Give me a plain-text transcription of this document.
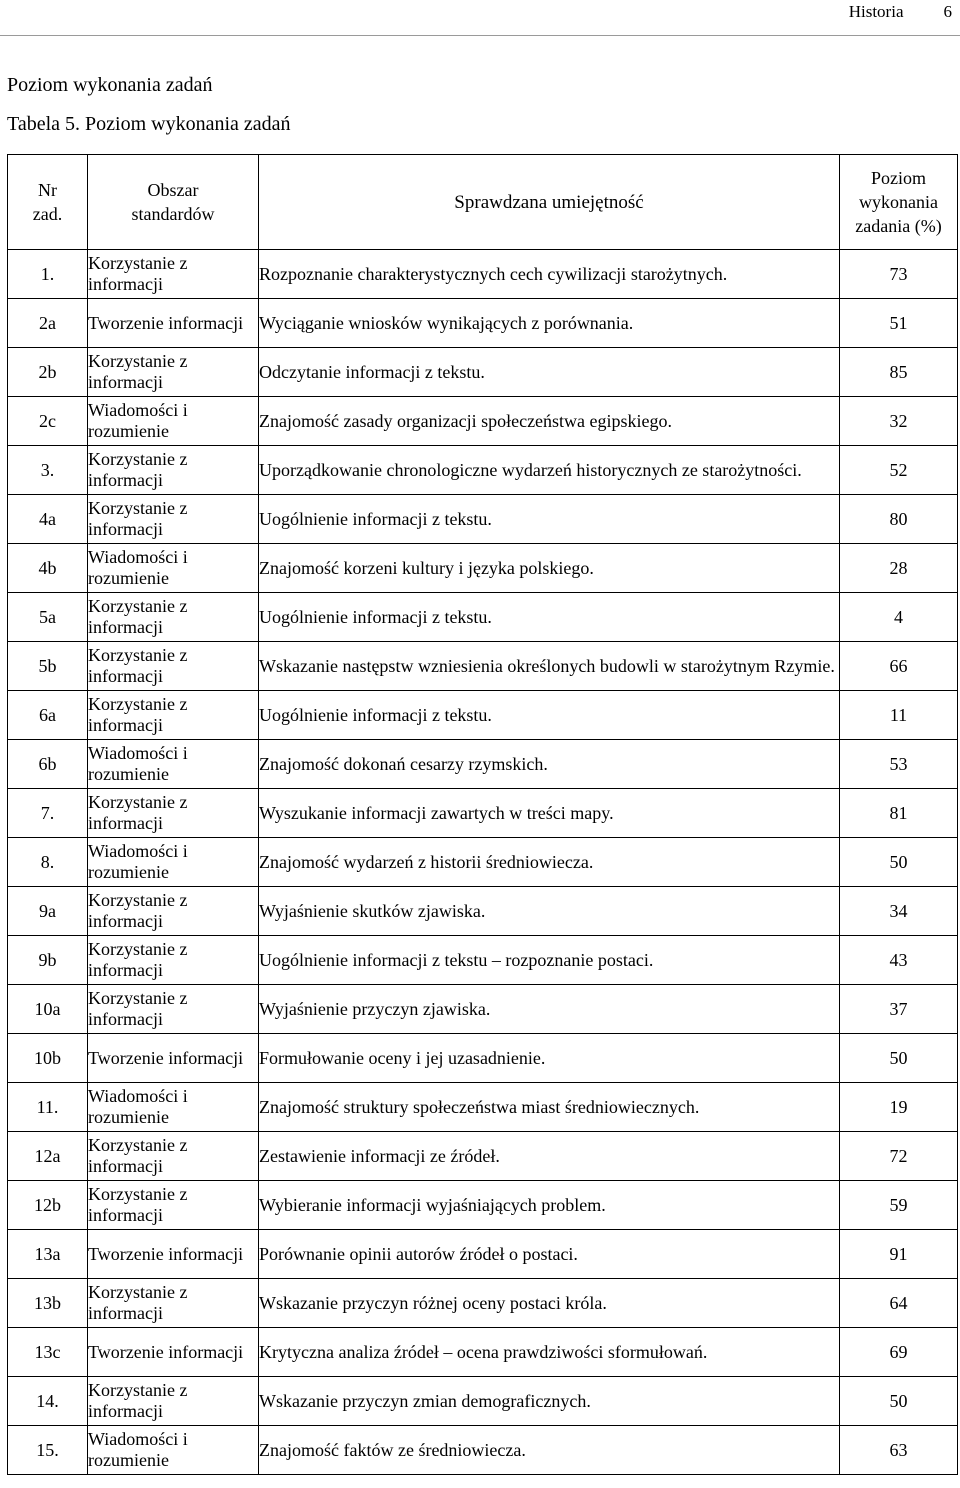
Historia 6
Poziom wykonania zadań
Tabela 5. Poziom wykonania zadań
Nr zad.	Obszar standardów	Sprawdzana umiejętność	Poziom wykonania zadania (%)
1.	Korzystanie z informacji	Rozpoznanie charakterystycznych cech cywilizacji starożytnych.	73
2a	Tworzenie informacji	Wyciąganie wniosków wynikających z porównania.	51
2b	Korzystanie z informacji	Odczytanie informacji z tekstu.	85
2c	Wiadomości i rozumienie	Znajomość zasady organizacji społeczeństwa egipskiego.	32
3.	Korzystanie z informacji	Uporządkowanie chronologiczne wydarzeń historycznych ze starożytności.	52
4a	Korzystanie z informacji	Uogólnienie informacji z tekstu.	80
4b	Wiadomości i rozumienie	Znajomość korzeni kultury i języka polskiego.	28
5a	Korzystanie z informacji	Uogólnienie informacji z tekstu.	4
5b	Korzystanie z informacji	Wskazanie następstw wzniesienia określonych budowli w starożytnym Rzymie.	66
6a	Korzystanie z informacji	Uogólnienie informacji z tekstu.	11
6b	Wiadomości i rozumienie	Znajomość dokonań cesarzy rzymskich.	53
7.	Korzystanie z informacji	Wyszukanie informacji zawartych w treści mapy.	81
8.	Wiadomości i rozumienie	Znajomość wydarzeń z historii średniowiecza.	50
9a	Korzystanie z informacji	Wyjaśnienie skutków zjawiska.	34
9b	Korzystanie z informacji	Uogólnienie informacji z tekstu – rozpoznanie postaci.	43
10a	Korzystanie z informacji	Wyjaśnienie przyczyn zjawiska.	37
10b	Tworzenie informacji	Formułowanie oceny i jej uzasadnienie.	50
11.	Wiadomości i rozumienie	Znajomość struktury społeczeństwa miast średniowiecznych.	19
12a	Korzystanie z informacji	Zestawienie informacji ze źródeł.	72
12b	Korzystanie z informacji	Wybieranie informacji wyjaśniających problem.	59
13a	Tworzenie informacji	Porównanie opinii autorów źródeł o postaci.	91
13b	Korzystanie z informacji	Wskazanie przyczyn różnej oceny postaci króla.	64
13c	Tworzenie informacji	Krytyczna analiza źródeł – ocena prawdziwości sformułowań.	69
14.	Korzystanie z informacji	Wskazanie przyczyn zmian demograficznych.	50
15.	Wiadomości i rozumienie	Znajomość faktów ze średniowiecza.	63
